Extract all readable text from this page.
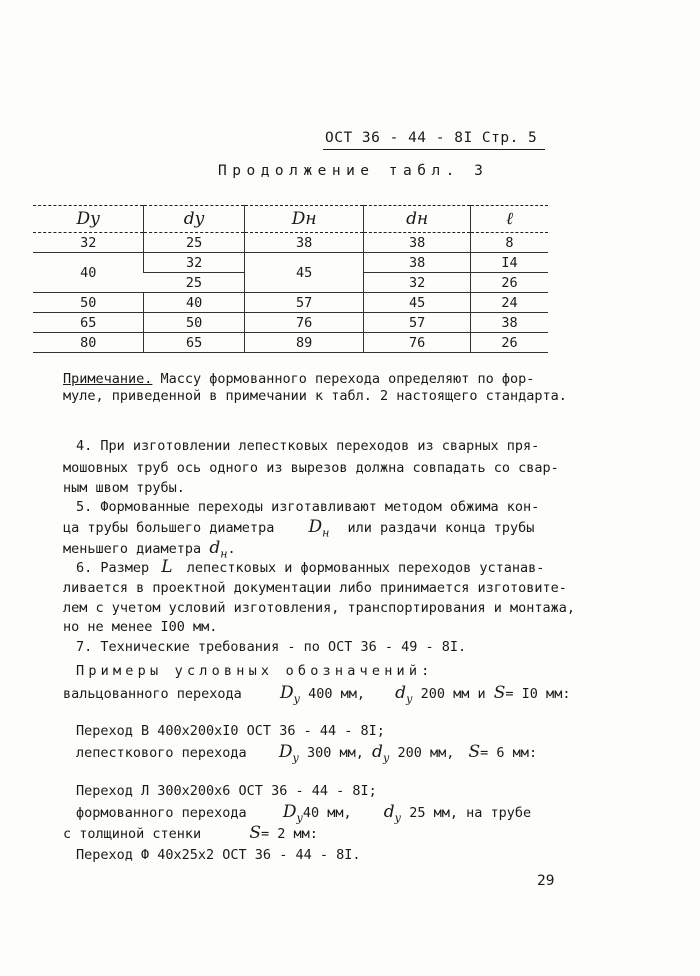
ОСТ 36 - 44 - 8I Стр. 5
Продолжение табл. 3
Dу	dу	Dн	dн	ℓ
32	25	38	38	8
40	32	45	38	I4
	25		32	26
50	40	57	45	24
65	50	76	57	38
80	65	89	76	26
Примечание. Массу формованного перехода определяют по фор-
муле, приведенной в примечании к табл. 2 настоящего стандарта.
4. При изготовлении лепестковых переходов из сварных пря-
мошовных труб ось одного из вырезов должна совпадать со свар-
ным швом трубы.
5. Формованные переходы изготавливают методом обжима кон-
ца трубы большего диаметра $D_н$ или раздачи конца трубы
меньшего диаметра $d_н$.
6. Размер L лепестковых и формованных переходов устанав-
ливается в проектной документации либо принимается изготовите-
лем с учетом условий изготовления, транспортирования и монтажа,
но не менее I00 мм.
7. Технические требования - по ОСТ 36 - 49 - 8I.
Примеры условных обозначений:
вальцованного перехода $D_у$ 400 мм, $d_у$ 200 мм и S= I0 мм:
Переход В 400х200хI0 ОСТ 36 - 44 - 8I;
лепесткового перехода $D_у$ 300 мм, $d_у$ 200 мм, S= 6 мм:
Переход Л 300х200х6 ОСТ 36 - 44 - 8I;
формованного перехода $D_у40$ мм, $d_у$ 25 мм, на трубе
с толщиной стенки	S= 2 мм:
Переход Ф 40х25х2 ОСТ 36 - 44 - 8I.
29
